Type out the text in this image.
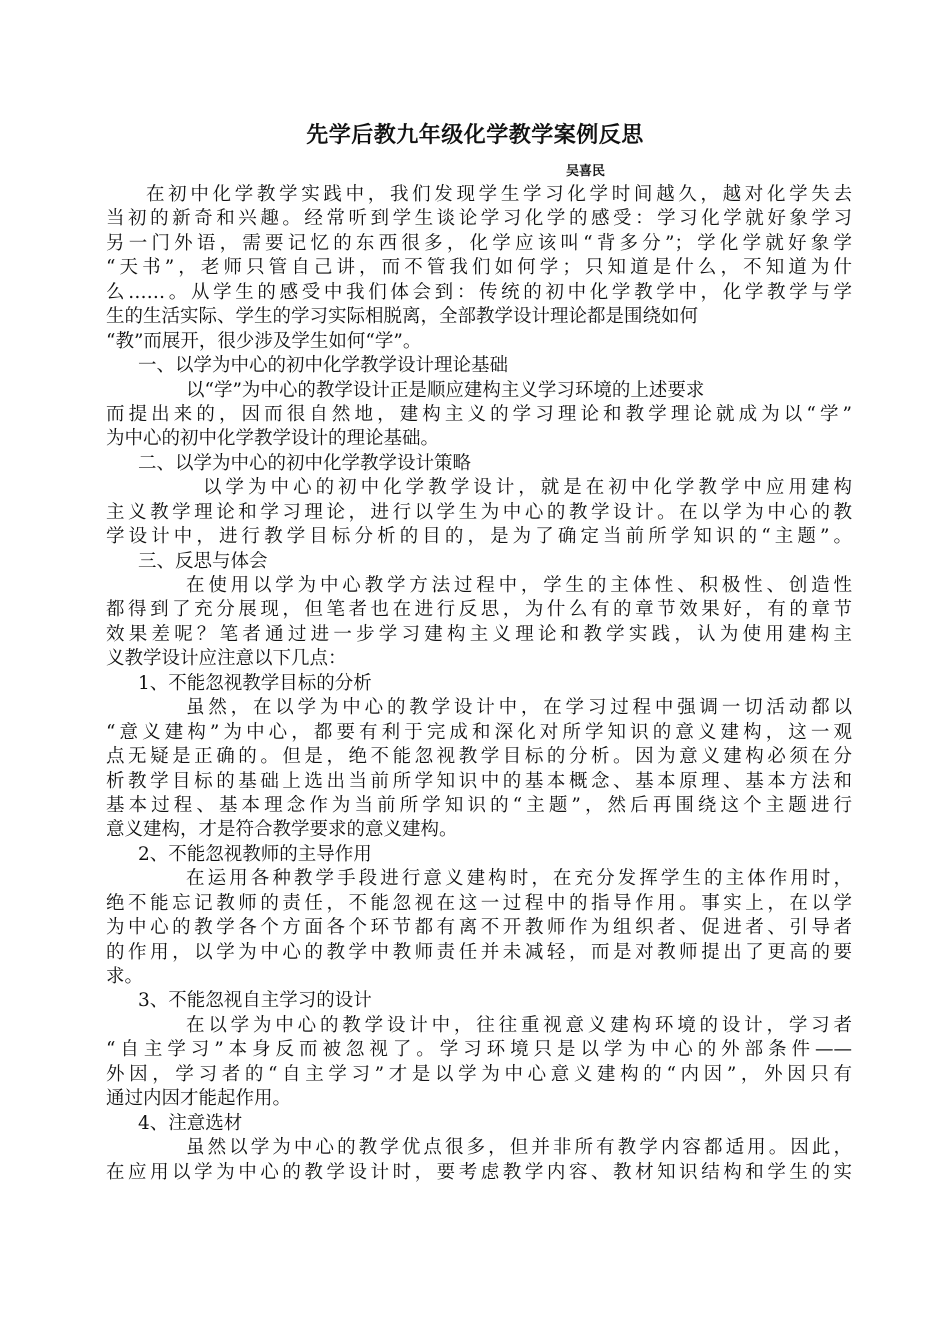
先学后教九年级化学教学案例反思
吴喜民
在初中化学教学实践中，我们发现学生学习化学时间越久，越对化学失去
当初的新奇和兴趣。经常听到学生谈论学习化学的感受：学习化学就好象学习
另一门外语，需要记忆的东西很多，化学应该叫“背多分”；学化学就好象学
“天书”，老师只管自己讲，而不管我们如何学；只知道是什么，不知道为什
么……。从学生的感受中我们体会到：传统的初中化学教学中，化学教学与学
生的生活实际、学生的学习实际相脱离，全部教学设计理论都是围绕如何
“教”而展开，很少涉及学生如何“学”。
一、以学为中心的初中化学教学设计理论基础
以“学”为中心的教学设计正是顺应建构主义学习环境的上述要求
而提出来的，因而很自然地，建构主义的学习理论和教学理论就成为以“学”
为中心的初中化学教学设计的理论基础。
二、以学为中心的初中化学教学设计策略
以学为中心的初中化学教学设计，就是在初中化学教学中应用建构
主义教学理论和学习理论，进行以学生为中心的教学设计。在以学为中心的教
学设计中，进行教学目标分析的目的，是为了确定当前所学知识的“主题”。
三、反思与体会
在使用以学为中心教学方法过程中，学生的主体性、积极性、创造性
都得到了充分展现，但笔者也在进行反思，为什么有的章节效果好，有的章节
效果差呢？笔者通过进一步学习建构主义理论和教学实践，认为使用建构主
义教学设计应注意以下几点：
1、不能忽视教学目标的分析
虽然，在以学为中心的教学设计中，在学习过程中强调一切活动都以
“意义建构”为中心，都要有利于完成和深化对所学知识的意义建构，这一观
点无疑是正确的。但是，绝不能忽视教学目标的分析。因为意义建构必须在分
析教学目标的基础上选出当前所学知识中的基本概念、基本原理、基本方法和
基本过程、基本理念作为当前所学知识的“主题”，然后再围绕这个主题进行
意义建构，才是符合教学要求的意义建构。
2、不能忽视教师的主导作用
在运用各种教学手段进行意义建构时，在充分发挥学生的主体作用时，
绝不能忘记教师的责任，不能忽视在这一过程中的指导作用。事实上，在以学
为中心的教学各个方面各个环节都有离不开教师作为组织者、促进者、引导者
的作用，以学为中心的教学中教师责任并未减轻，而是对教师提出了更高的要
求。
3、不能忽视自主学习的设计
在以学为中心的教学设计中，往往重视意义建构环境的设计，学习者
“自主学习”本身反而被忽视了。学习环境只是以学为中心的外部条件——
外因，学习者的“自主学习”才是以学为中心意义建构的“内因”，外因只有
通过内因才能起作用。
4、注意选材
虽然以学为中心的教学优点很多，但并非所有教学内容都适用。因此，
在应用以学为中心的教学设计时，要考虑教学内容、教材知识结构和学生的实
